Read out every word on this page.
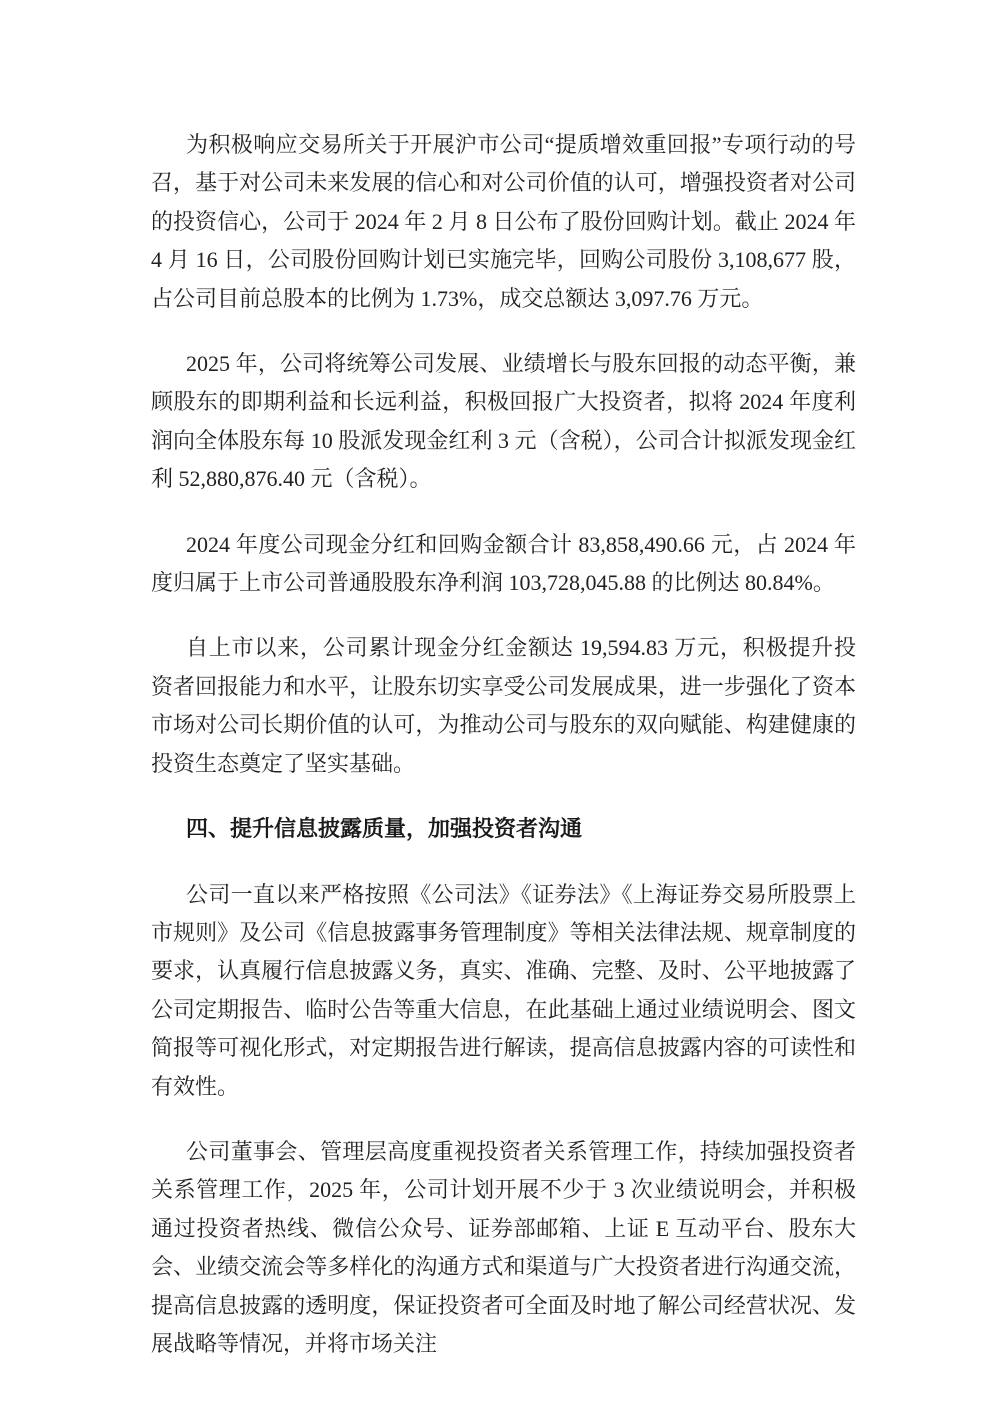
为积极响应交易所关于开展沪市公司“提质增效重回报”专项行动的号召，基于对公司未来发展的信心和对公司价值的认可，增强投资者对公司的投资信心，公司于 2024 年 2 月 8 日公布了股份回购计划。截止 2024 年 4 月 16 日，公司股份回购计划已实施完毕，回购公司股份 3,108,677 股，占公司目前总股本的比例为 1.73%，成交总额达 3,097.76 万元。

2025 年，公司将统筹公司发展、业绩增长与股东回报的动态平衡，兼顾股东的即期利益和长远利益，积极回报广大投资者，拟将 2024 年度利润向全体股东每 10 股派发现金红利 3 元（含税），公司合计拟派发现金红利 52,880,876.40 元（含税）。

2024 年度公司现金分红和回购金额合计 83,858,490.66 元，占 2024 年度归属于上市公司普通股股东净利润 103,728,045.88 的比例达 80.84%。

自上市以来，公司累计现金分红金额达 19,594.83 万元，积极提升投资者回报能力和水平，让股东切实享受公司发展成果，进一步强化了资本市场对公司长期价值的认可，为推动公司与股东的双向赋能、构建健康的投资生态奠定了坚实基础。

四、提升信息披露质量，加强投资者沟通

公司一直以来严格按照《公司法》《证券法》《上海证券交易所股票上市规则》及公司《信息披露事务管理制度》等相关法律法规、规章制度的要求，认真履行信息披露义务，真实、准确、完整、及时、公平地披露了公司定期报告、临时公告等重大信息，在此基础上通过业绩说明会、图文简报等可视化形式，对定期报告进行解读，提高信息披露内容的可读性和有效性。

公司董事会、管理层高度重视投资者关系管理工作，持续加强投资者关系管理工作，2025 年，公司计划开展不少于 3 次业绩说明会，并积极通过投资者热线、微信公众号、证券部邮箱、上证 E 互动平台、股东大会、业绩交流会等多样化的沟通方式和渠道与广大投资者进行沟通交流，提高信息披露的透明度，保证投资者可全面及时地了解公司经营状况、发展战略等情况，并将市场关注
